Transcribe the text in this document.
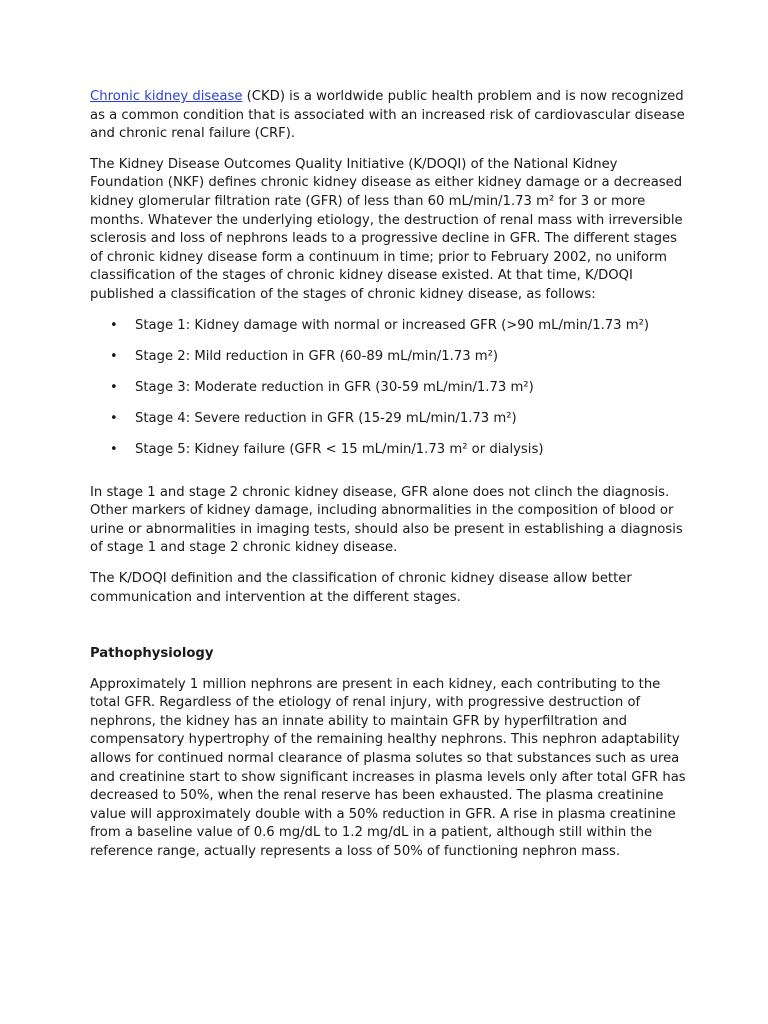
Chronic kidney disease (CKD) is a worldwide public health problem and is now recognized as a common condition that is associated with an increased risk of cardiovascular disease and chronic renal failure (CRF).

The Kidney Disease Outcomes Quality Initiative (K/DOQI) of the National Kidney Foundation (NKF) defines chronic kidney disease as either kidney damage or a decreased kidney glomerular filtration rate (GFR) of less than 60 mL/min/1.73 m² for 3 or more months. Whatever the underlying etiology, the destruction of renal mass with irreversible sclerosis and loss of nephrons leads to a progressive decline in GFR. The different stages of chronic kidney disease form a continuum in time; prior to February 2002, no uniform classification of the stages of chronic kidney disease existed. At that time, K/DOQI published a classification of the stages of chronic kidney disease, as follows:

• Stage 1: Kidney damage with normal or increased GFR (>90 mL/min/1.73 m²)
• Stage 2: Mild reduction in GFR (60-89 mL/min/1.73 m²)
• Stage 3: Moderate reduction in GFR (30-59 mL/min/1.73 m²)
• Stage 4: Severe reduction in GFR (15-29 mL/min/1.73 m²)
• Stage 5: Kidney failure (GFR < 15 mL/min/1.73 m² or dialysis)

In stage 1 and stage 2 chronic kidney disease, GFR alone does not clinch the diagnosis. Other markers of kidney damage, including abnormalities in the composition of blood or urine or abnormalities in imaging tests, should also be present in establishing a diagnosis of stage 1 and stage 2 chronic kidney disease.

The K/DOQI definition and the classification of chronic kidney disease allow better communication and intervention at the different stages.

Pathophysiology

Approximately 1 million nephrons are present in each kidney, each contributing to the total GFR. Regardless of the etiology of renal injury, with progressive destruction of nephrons, the kidney has an innate ability to maintain GFR by hyperfiltration and compensatory hypertrophy of the remaining healthy nephrons. This nephron adaptability allows for continued normal clearance of plasma solutes so that substances such as urea and creatinine start to show significant increases in plasma levels only after total GFR has decreased to 50%, when the renal reserve has been exhausted. The plasma creatinine value will approximately double with a 50% reduction in GFR. A rise in plasma creatinine from a baseline value of 0.6 mg/dL to 1.2 mg/dL in a patient, although still within the reference range, actually represents a loss of 50% of functioning nephron mass.
